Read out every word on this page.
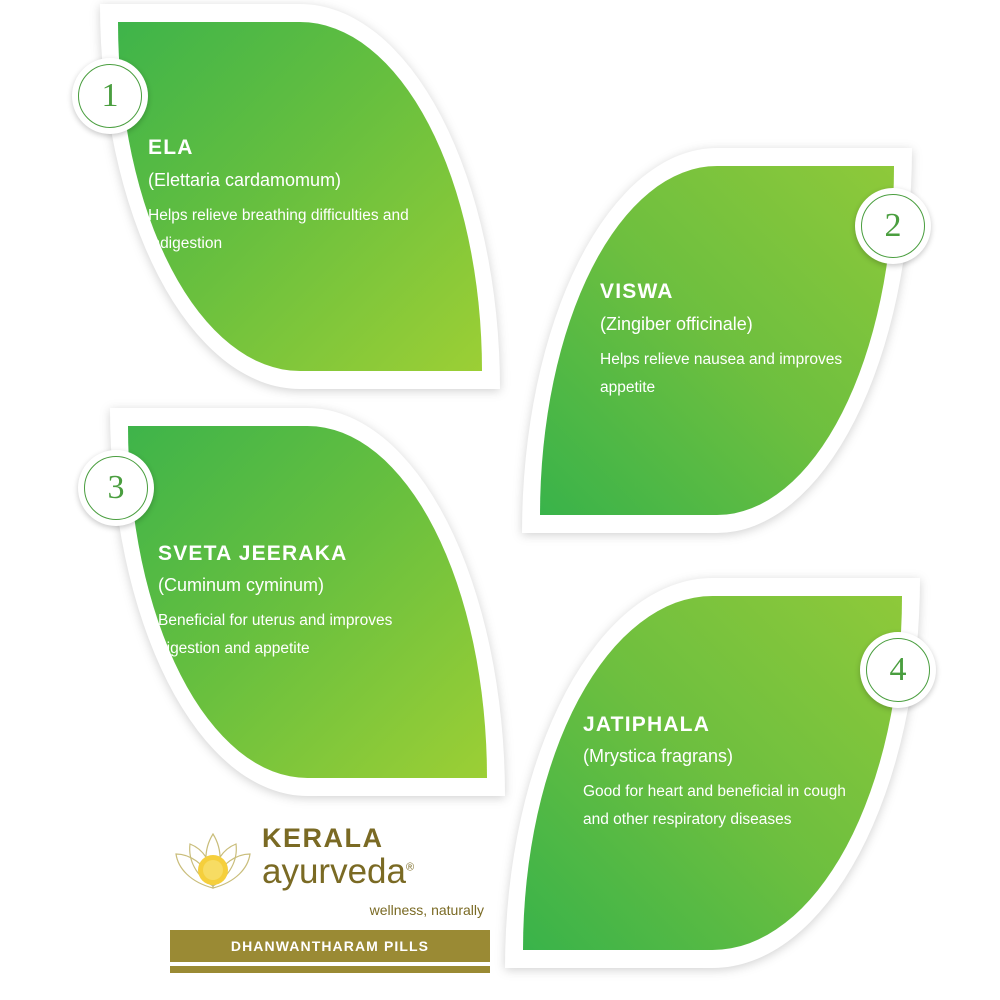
ELA
(Elettaria cardamomum)
Helps relieve breathing difficulties and indigestion
1
VISWA
(Zingiber officinale)
Helps relieve nausea and improves appetite
2
SVETA JEERAKA
(Cuminum cyminum)
Beneficial for uterus and improves digestion and appetite
3
JATIPHALA
(Mrystica fragrans)
Good for heart and beneficial in cough and other respiratory diseases
4
KERALA
ayurveda®
wellness, naturally
DHANWANTHARAM PILLS
